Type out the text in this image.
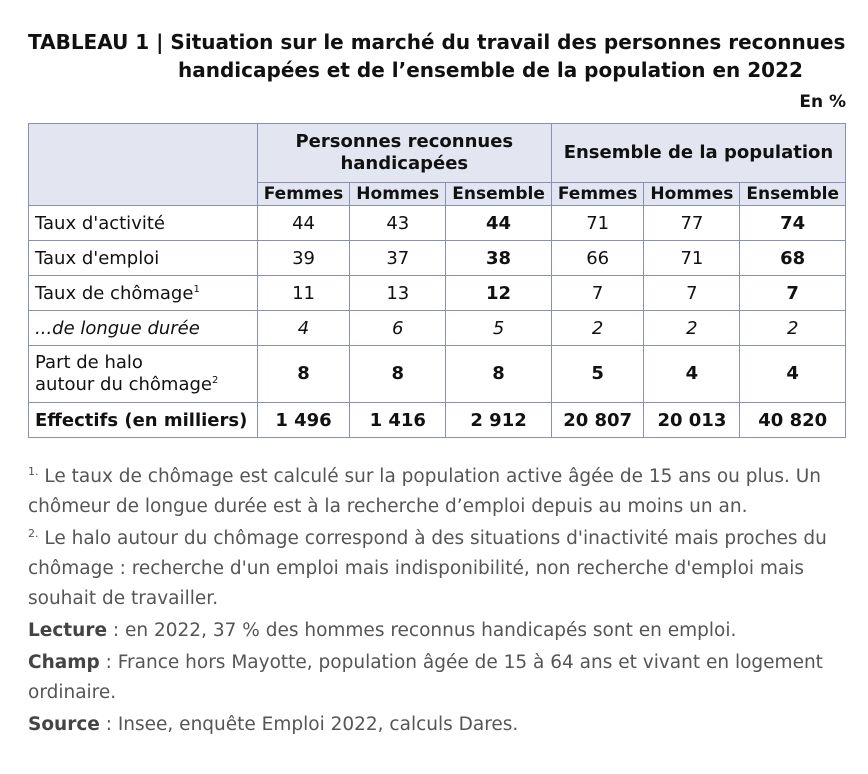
TABLEAU 1 | Situation sur le marché du travail des personnes reconnues
handicapées et de l’ensemble de la population en 2022
En %
	Personnes reconnues handicapées			Ensemble de la population		
	Femmes	Hommes	Ensemble	Femmes	Hommes	Ensemble
Taux d'activité	44	43	44	71	77	74
Taux d'emploi	39	37	38	66	71	68
Taux de chômage$^1$	11	13	12	7	7	7
...de longue durée	4	6	5	2	2	2
Part de halo
autour du chômage$^2$	8	8	8	5	4	4
Effectifs (en milliers)	1 496	1 416	2 912	20 807	20 013	40 820

$^{1.}$ Le taux de chômage est calculé sur la population active âgée de 15 ans ou plus. Un chômeur de longue durée est à la recherche d’emploi depuis au moins un an.

$^{2.}$ Le halo autour du chômage correspond à des situations d'inactivité mais proches du chômage : recherche d'un emploi mais indisponibilité, non recherche d'emploi mais souhait de travailler.

Lecture : en 2022, 37 % des hommes reconnus handicapés sont en emploi.

Champ : France hors Mayotte, population âgée de 15 à 64 ans et vivant en logement ordinaire.

Source : Insee, enquête Emploi 2022, calculs Dares.
